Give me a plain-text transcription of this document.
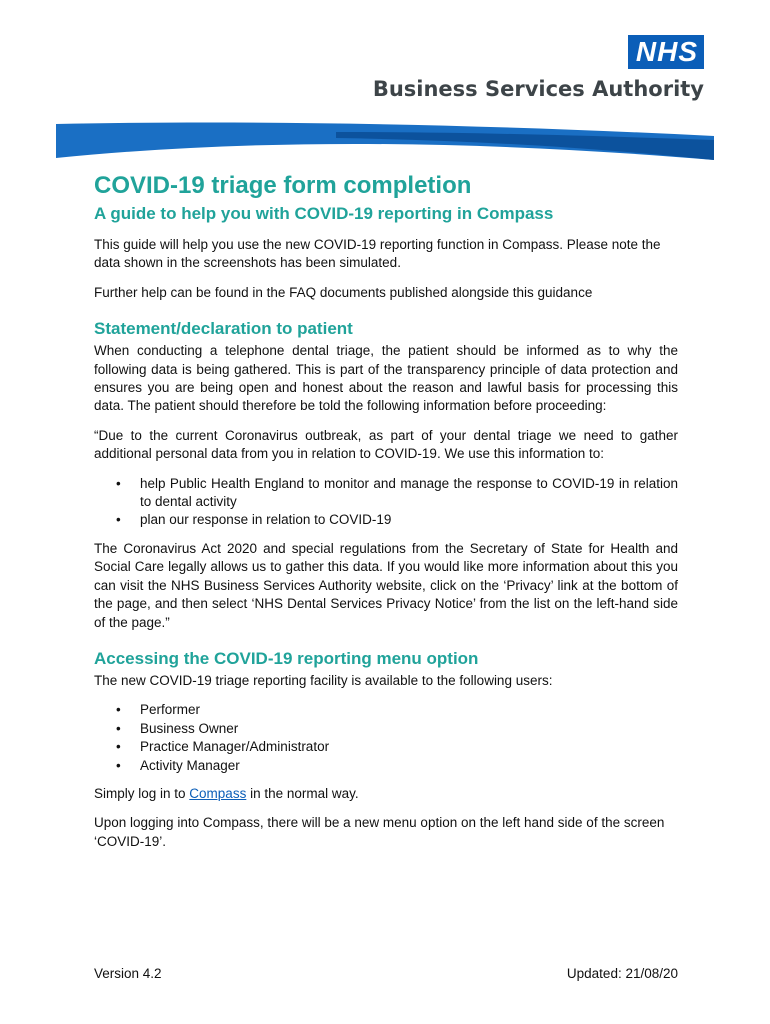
NHS
Business Services Authority
COVID-19 triage form completion
A guide to help you with COVID-19 reporting in Compass

This guide will help you use the new COVID-19 reporting function in Compass. Please note the data shown in the screenshots has been simulated.

Further help can be found in the FAQ documents published alongside this guidance

Statement/declaration to patient

When conducting a telephone dental triage, the patient should be informed as to why the following data is being gathered. This is part of the transparency principle of data protection and ensures you are being open and honest about the reason and lawful basis for processing this data. The patient should therefore be told the following information before proceeding:

“Due to the current Coronavirus outbreak, as part of your dental triage we need to gather additional personal data from you in relation to COVID-19. We use this information to:

• help Public Health England to monitor and manage the response to COVID-19 in relation to dental activity
• plan our response in relation to COVID-19

The Coronavirus Act 2020 and special regulations from the Secretary of State for Health and Social Care legally allows us to gather this data. If you would like more information about this you can visit the NHS Business Services Authority website, click on the ‘Privacy’ link at the bottom of the page, and then select ‘NHS Dental Services Privacy Notice’ from the list on the left-hand side of the page.”

Accessing the COVID-19 reporting menu option

The new COVID-19 triage reporting facility is available to the following users:

• Performer
• Business Owner
• Practice Manager/Administrator
• Activity Manager

Simply log in to Compass in the normal way.

Upon logging into Compass, there will be a new menu option on the left hand side of the screen ‘COVID-19’.

Version 4.2	Updated: 21/08/20
